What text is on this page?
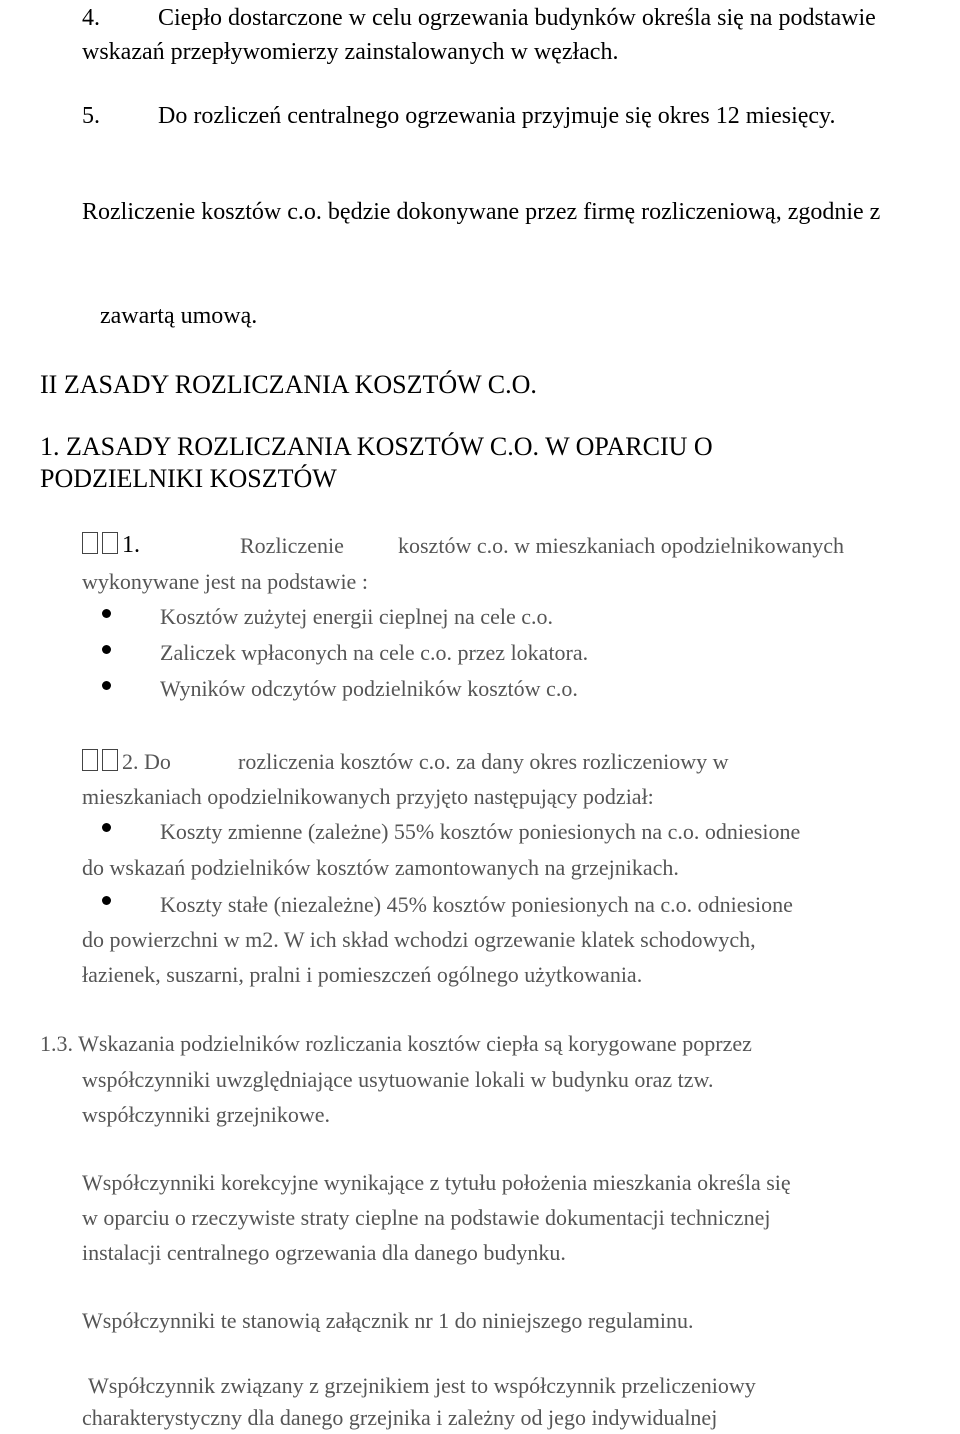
4. Ciepło dostarczone w celu ogrzewania budynków określa się na podstawie
wskazań przepływomierzy zainstalowanych w węzłach.
5. Do rozliczeń centralnego ogrzewania przyjmuje się okres 12 miesięcy.
Rozliczenie kosztów c.o. będzie dokonywane przez firmę rozliczeniową, zgodnie z
zawartą umową.
II ZASADY ROZLICZANIA KOSZTÓW C.O.
1. ZASADY ROZLICZANIA KOSZTÓW C.O. W OPARCIU O
PODZIELNIKI KOSZTÓW
1.	Rozliczenie kosztów c.o. w mieszkaniach opodzielnikowanych
wykonywane jest na podstawie :
Kosztów zużytej energii cieplnej na cele c.o.
Zaliczek wpłaconych na cele c.o. przez lokatora.
Wyników odczytów podzielników kosztów c.o.
2. Do	rozliczenia kosztów c.o. za dany okres rozliczeniowy w
mieszkaniach opodzielnikowanych przyjęto następujący podział:
Koszty zmienne (zależne) 55% kosztów poniesionych na c.o. odniesione
do wskazań podzielników kosztów zamontowanych na grzejnikach.
Koszty stałe (niezależne) 45% kosztów poniesionych na c.o. odniesione
do powierzchni w m2. W ich skład wchodzi ogrzewanie klatek schodowych,
łazienek, suszarni, pralni i pomieszczeń ogólnego użytkowania.
1.3. Wskazania podzielników rozliczania kosztów ciepła są korygowane poprzez
współczynniki uwzględniające usytuowanie lokali w budynku oraz tzw.
współczynniki grzejnikowe.
Współczynniki korekcyjne wynikające z tytułu położenia mieszkania określa się
w oparciu o rzeczywiste straty cieplne na podstawie dokumentacji technicznej
instalacji centralnego ogrzewania dla danego budynku.
Współczynniki te stanowią załącznik nr 1 do niniejszego regulaminu.
Współczynnik związany z grzejnikiem jest to współczynnik przeliczeniowy
charakterystyczny dla danego grzejnika i zależny od jego indywidualnej
